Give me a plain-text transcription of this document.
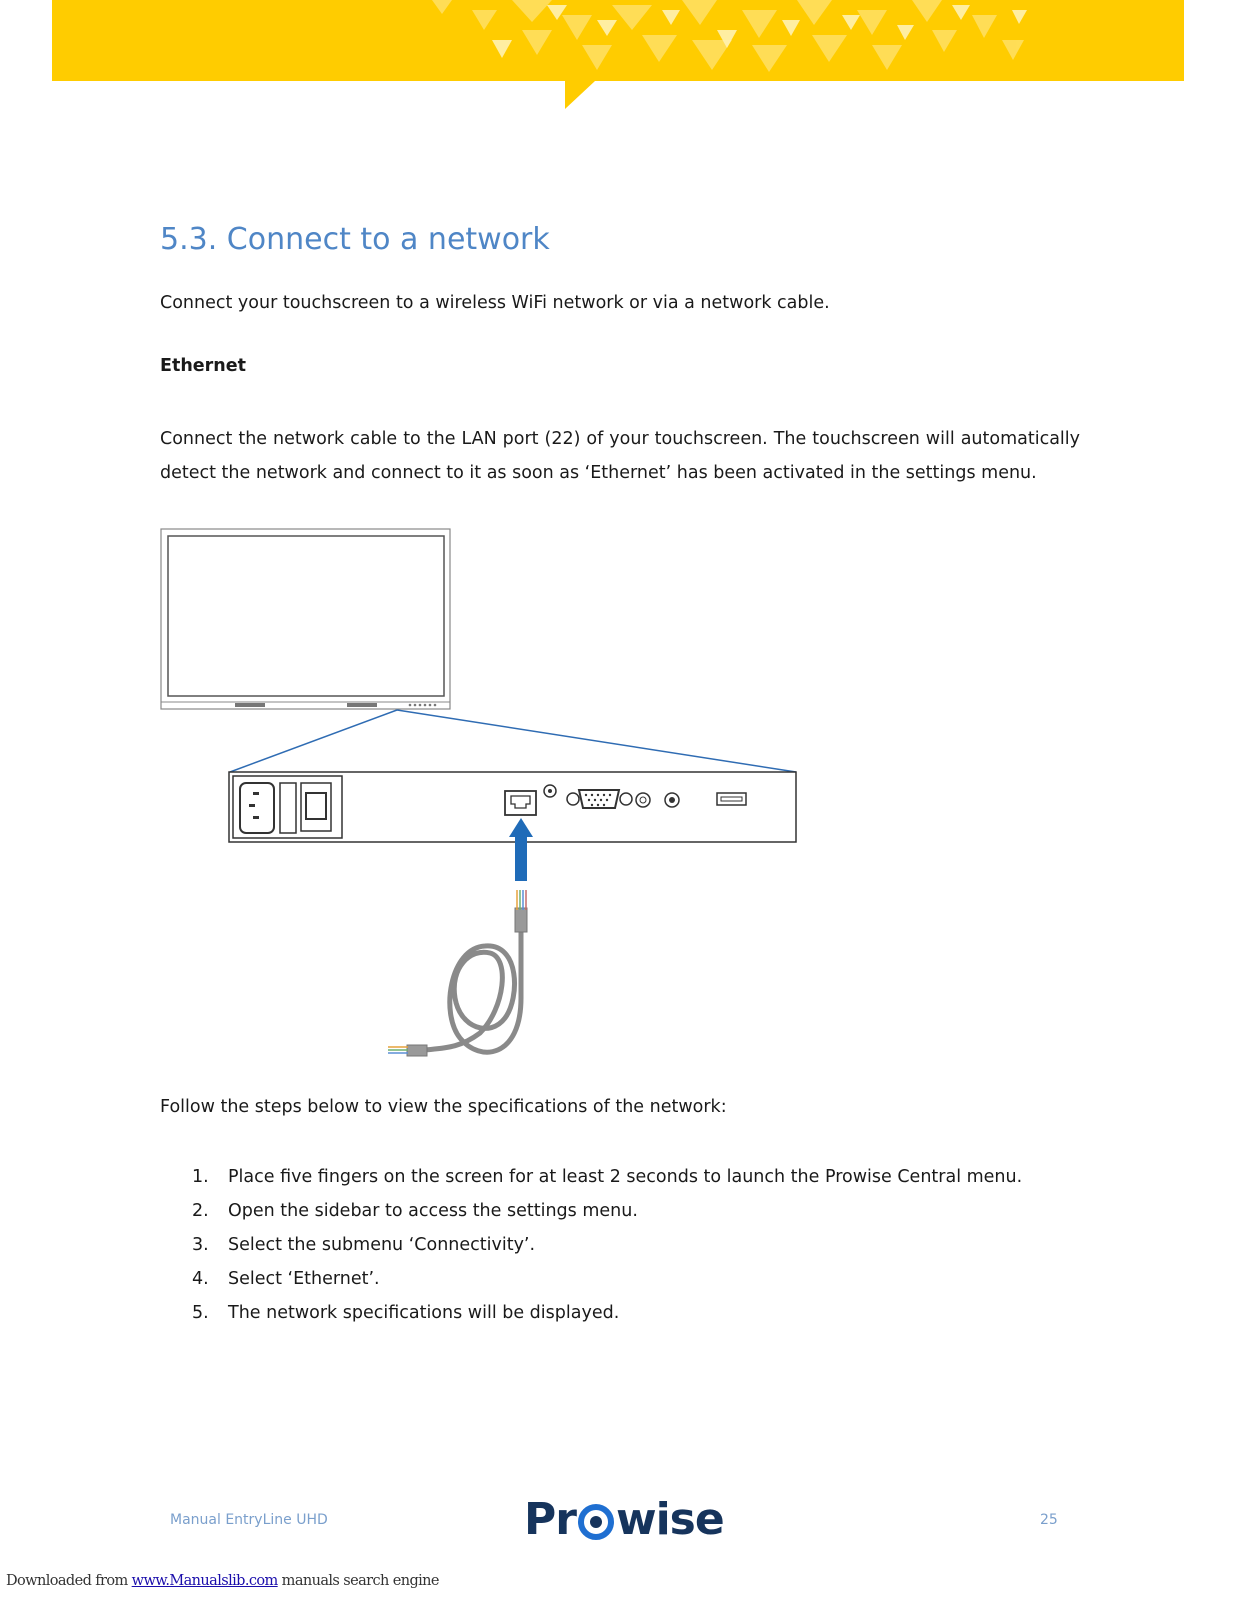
5.3. Connect to a network

Connect your touchscreen to a wireless WiFi network or via a network cable.

Ethernet

Connect the network cable to the LAN port (22) of your touchscreen. The touchscreen will automatically detect the network and connect to it as soon as ‘Ethernet’ has been activated in the settings menu.

Follow the steps below to view the specifications of the network:

1.	Place five fingers on the screen for at least 2 seconds to launch the Prowise Central menu.
2.	Open the sidebar to access the settings menu.
3.	Select the submenu ‘Connectivity’.
4.	Select ‘Ethernet’.
5.	The network specifications will be displayed.
Manual EntryLine UHD	Pr wise	25
Downloaded from www.Manualslib.com manuals search engine
